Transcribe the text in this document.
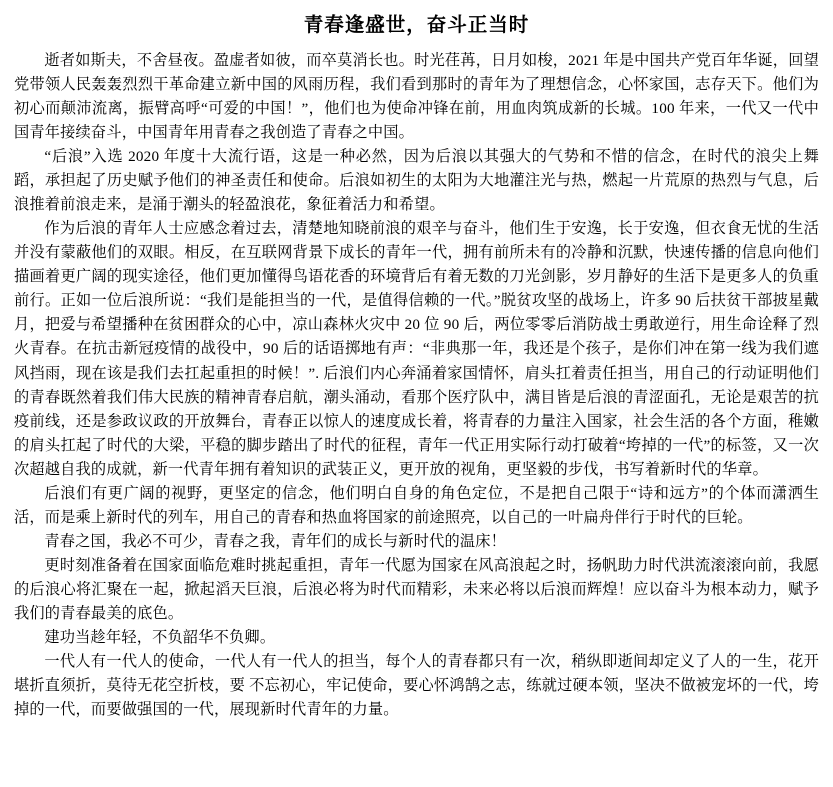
青春逢盛世，奋斗正当时

逝者如斯夫，不舍昼夜。盈虚者如彼，而卒莫消长也。时光荏苒，日月如梭，2021 年是中国共产党百年华诞，回望党带领人民轰轰烈烈干革命建立新中国的风雨历程，我们看到那时的青年为了理想信念，心怀家国，志存天下。他们为初心而颠沛流离，振臂高呼“可爱的中国！”，他们也为使命冲锋在前，用血肉筑成新的长城。100 年来，一代又一代中国青年接续奋斗，中国青年用青春之我创造了青春之中国。

“后浪”入选 2020 年度十大流行语，这是一种必然，因为后浪以其强大的气势和不惜的信念，在时代的浪尖上舞蹈，承担起了历史赋予他们的神圣责任和使命。后浪如初生的太阳为大地灌注光与热，燃起一片荒原的热烈与气息，后浪推着前浪走来，是涌于潮头的轻盈浪花，象征着活力和希望。

作为后浪的青年人士应感念着过去，清楚地知晓前浪的艰辛与奋斗，他们生于安逸，长于安逸，但衣食无忧的生活并没有蒙蔽他们的双眼。相反，在互联网背景下成长的青年一代，拥有前所未有的冷静和沉默，快速传播的信息向他们描画着更广阔的现实途径，他们更加懂得鸟语花香的环境背后有着无数的刀光剑影，岁月静好的生活下是更多人的负重前行。正如一位后浪所说：“我们是能担当的一代，是值得信赖的一代。”脱贫攻坚的战场上，许多 90 后扶贫干部披星戴月，把爱与希望播种在贫困群众的心中，凉山森林火灾中 20 位 90 后，两位零零后消防战士勇敢逆行，用生命诠释了烈火青春。在抗击新冠疫情的战役中，90 后的话语掷地有声：“非典那一年，我还是个孩子，是你们冲在第一线为我们遮风挡雨，现在该是我们去扛起重担的时候！”. 后浪们内心奔涌着家国情怀，肩头扛着责任担当，用自己的行动证明他们的青春既然着我们伟大民族的精神青春启航，潮头涌动，看那个医疗队中，满目皆是后浪的青涩面孔，无论是艰苦的抗疫前线，还是参政议政的开放舞台，青春正以惊人的速度成长着，将青春的力量注入国家，社会生活的各个方面，稚嫩的肩头扛起了时代的大梁，平稳的脚步踏出了时代的征程，青年一代正用实际行动打破着“垮掉的一代”的标签，又一次次超越自我的成就，新一代青年拥有着知识的武装正义，更开放的视角，更坚毅的步伐，书写着新时代的华章。

后浪们有更广阔的视野，更坚定的信念，他们明白自身的角色定位，不是把自己限于“诗和远方”的个体而潇洒生活，而是乘上新时代的列车，用自己的青春和热血将国家的前途照亮，以自己的一叶扁舟伴行于时代的巨轮。

青春之国，我必不可少，青春之我，青年们的成长与新时代的温床！

更时刻准备着在国家面临危难时挑起重担，青年一代愿为国家在风高浪起之时，扬帆助力时代洪流滚滚向前，我愿的后浪心将汇聚在一起，掀起滔天巨浪，后浪必将为时代而精彩，未来必将以后浪而辉煌！应以奋斗为根本动力，赋予我们的青春最美的底色。

建功当趁年轻，不负韶华不负卿。

一代人有一代人的使命，一代人有一代人的担当，每个人的青春都只有一次，稍纵即逝间却定义了人的一生，花开堪折直须折，莫待无花空折枝，要 不忘初心，牢记使命，要心怀鸿鹄之志，练就过硬本领，坚决不做被宠坏的一代，垮掉的一代，而要做强国的一代，展现新时代青年的力量。
